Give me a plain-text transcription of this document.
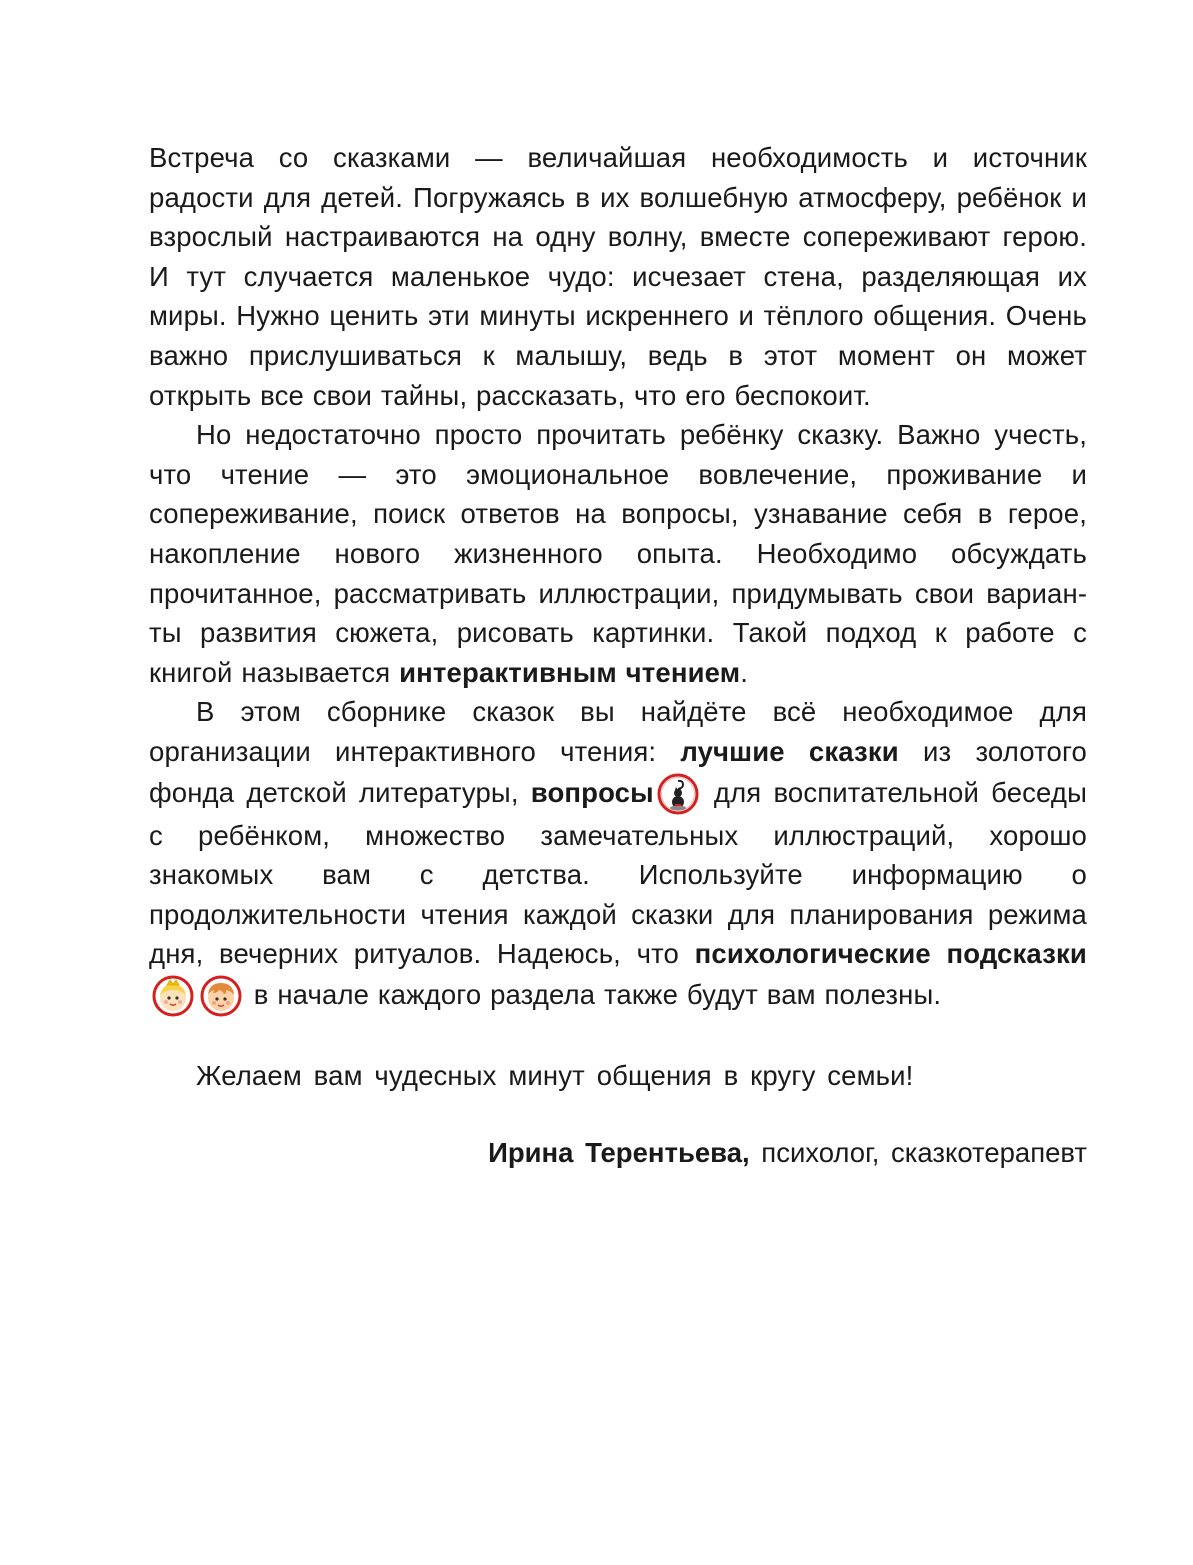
Встреча со сказками — величайшая необходимость и источник радости для детей. Погружаясь в их волшебную атмосферу, ребёнок и взрослый настраиваются на одну волну, вместе сопереживают герою. И тут случается маленькое чудо: исчезает стена, разделяющая их миры. Нужно ценить эти минуты искреннего и тёплого общения. Очень важно прислушиваться к малышу, ведь в этот момент он может открыть все свои тайны, рассказать, что его беспокоит.

Но недостаточно просто прочитать ребёнку сказку. Важно учесть, что чтение — это эмоциональное вовлечение, проживание и сопереживание, поиск ответов на вопросы, узнавание себя в герое, накопление нового жизненного опыта. Необходимо обсуждать прочитанное, рассматривать иллюстрации, придумывать свои варианты развития сюжета, рисовать картинки. Такой подход к работе с книгой называется интерактивным чтением.

В этом сборнике сказок вы найдёте всё необходимое для организации интерактивного чтения: лучшие сказки из золотого фонда детской литературы, вопросы
для воспитательной беседы с ребёнком, множество замечательных иллюстраций, хорошо знакомых вам с детства. Используйте информацию о продолжительности чтения каждой сказки для планирования режима дня, вечерних ритуалов. Надеюсь, что психологические подсказки
в начале каждого раздела также будут вам полезны.

Желаем вам чудесных минут общения в кругу семьи!

Ирина Терентьева, психолог, сказкотерапевт
